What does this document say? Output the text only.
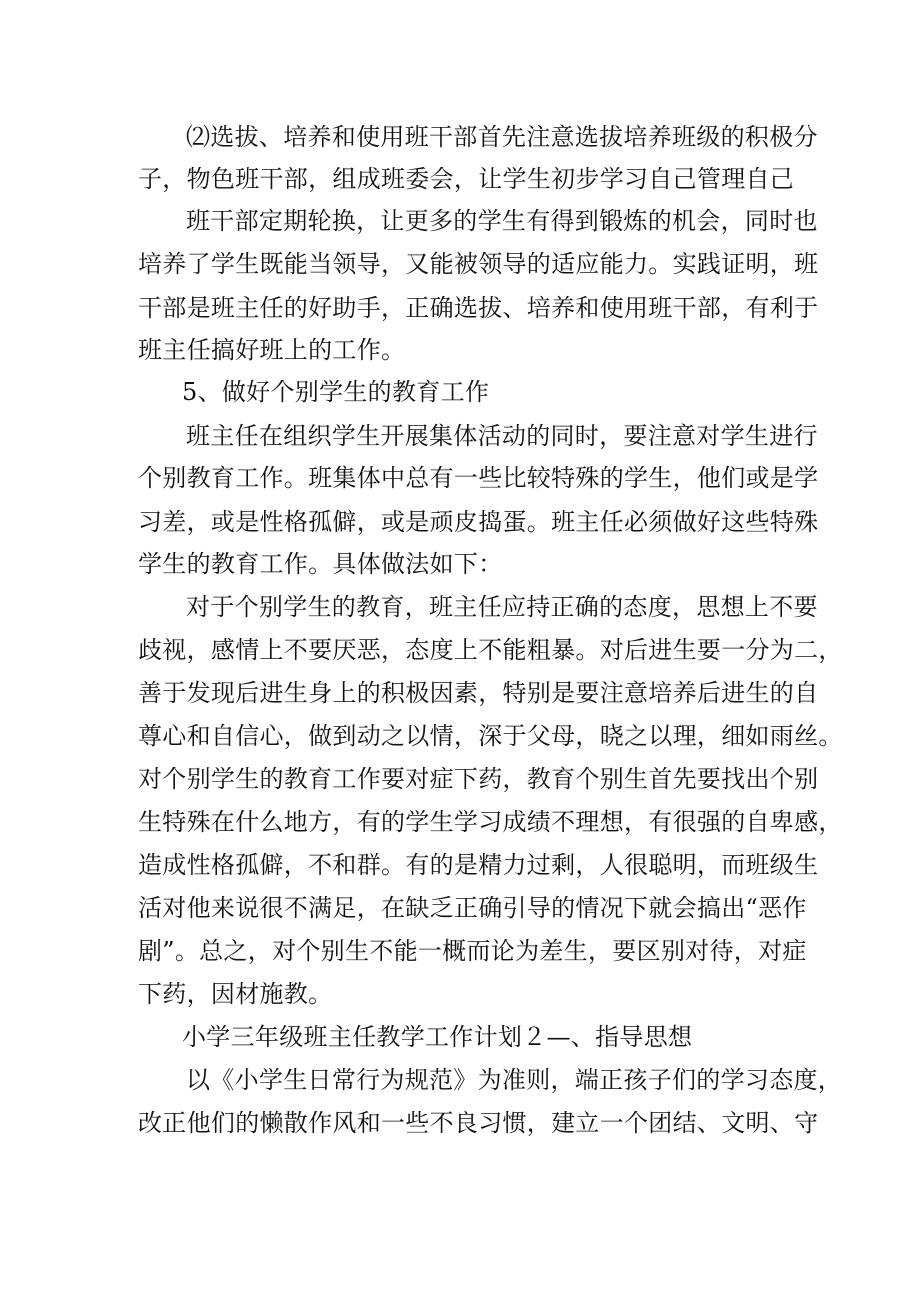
⑵选拔、培养和使用班干部首先注意选拔培养班级的积极分
子，物色班干部，组成班委会，让学生初步学习自己管理自己
班干部定期轮换，让更多的学生有得到锻炼的机会，同时也
培养了学生既能当领导，又能被领导的适应能力。实践证明，班
干部是班主任的好助手，正确选拔、培养和使用班干部，有利于
班主任搞好班上的工作。
5、做好个别学生的教育工作
班主任在组织学生开展集体活动的同时，要注意对学生进行
个别教育工作。班集体中总有一些比较特殊的学生，他们或是学
习差，或是性格孤僻，或是顽皮捣蛋。班主任必须做好这些特殊
学生的教育工作。具体做法如下：
对于个别学生的教育，班主任应持正确的态度，思想上不要
歧视，感情上不要厌恶，态度上不能粗暴。对后进生要一分为二，
善于发现后进生身上的积极因素，特别是要注意培养后进生的自
尊心和自信心，做到动之以情，深于父母，晓之以理，细如雨丝。
对个别学生的教育工作要对症下药，教育个别生首先要找出个别
生特殊在什么地方，有的学生学习成绩不理想，有很强的自卑感，
造成性格孤僻，不和群。有的是精力过剩，人很聪明，而班级生
活对他来说很不满足，在缺乏正确引导的情况下就会搞出“恶作
剧”。总之，对个别生不能一概而论为差生，要区别对待，对症
下药，因材施教。
小学三年级班主任教学工作计划２—、指导思想
以《小学生日常行为规范》为准则，端正孩子们的学习态度，
改正他们的懒散作风和一些不良习惯，建立一个团结、文明、守
